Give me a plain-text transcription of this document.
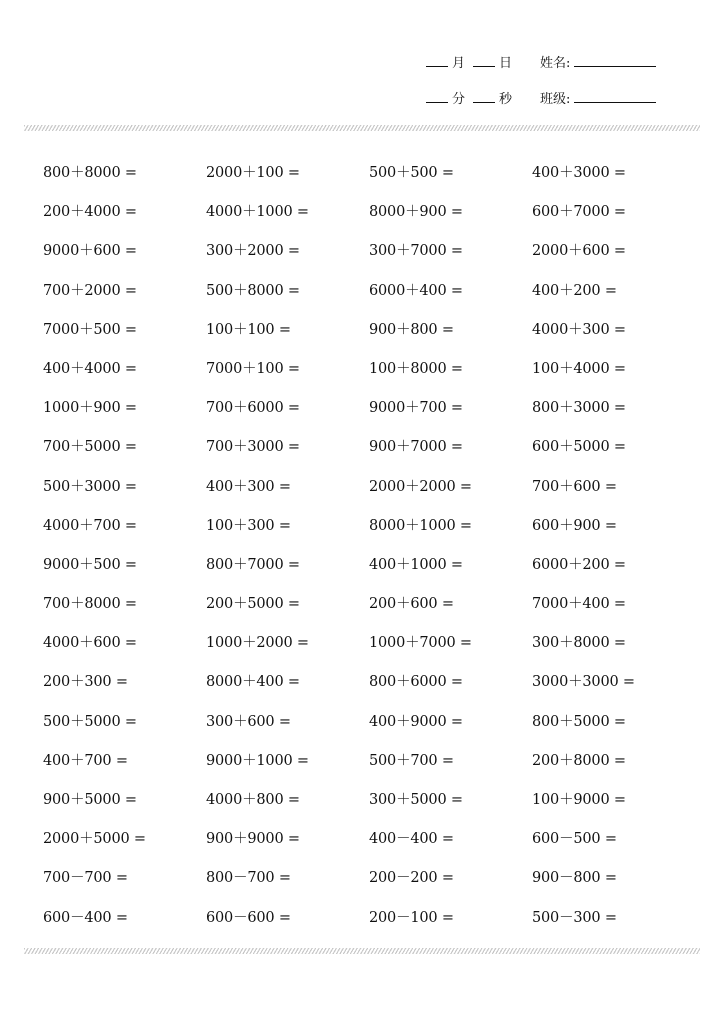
月	日
分	秒
姓名:
班级:
800＋8000 =	2000＋100 =	500＋500 =	400＋3000 =
200＋4000 =	4000＋1000 =	8000＋900 =	600＋7000 =
9000＋600 =	300＋2000 =	300＋7000 =	2000＋600 =
700＋2000 =	500＋8000 =	6000＋400 =	400＋200 =
7000＋500 =	100＋100 =	900＋800 =	4000＋300 =
400＋4000 =	7000＋100 =	100＋8000 =	100＋4000 =
1000＋900 =	700＋6000 =	9000＋700 =	800＋3000 =
700＋5000 =	700＋3000 =	900＋7000 =	600＋5000 =
500＋3000 =	400＋300 =	2000＋2000 =	700＋600 =
4000＋700 =	100＋300 =	8000＋1000 =	600＋900 =
9000＋500 =	800＋7000 =	400＋1000 =	6000＋200 =
700＋8000 =	200＋5000 =	200＋600 =	7000＋400 =
4000＋600 =	1000＋2000 =	1000＋7000 =	300＋8000 =
200＋300 =	8000＋400 =	800＋6000 =	3000＋3000 =
500＋5000 =	300＋600 =	400＋9000 =	800＋5000 =
400＋700 =	9000＋1000 =	500＋700 =	200＋8000 =
900＋5000 =	4000＋800 =	300＋5000 =	100＋9000 =
2000＋5000 =	900＋9000 =	400－400 =	600－500 =
700－700 =	800－700 =	200－200 =	900－800 =
600－400 =	600－600 =	200－100 =	500－300 =
